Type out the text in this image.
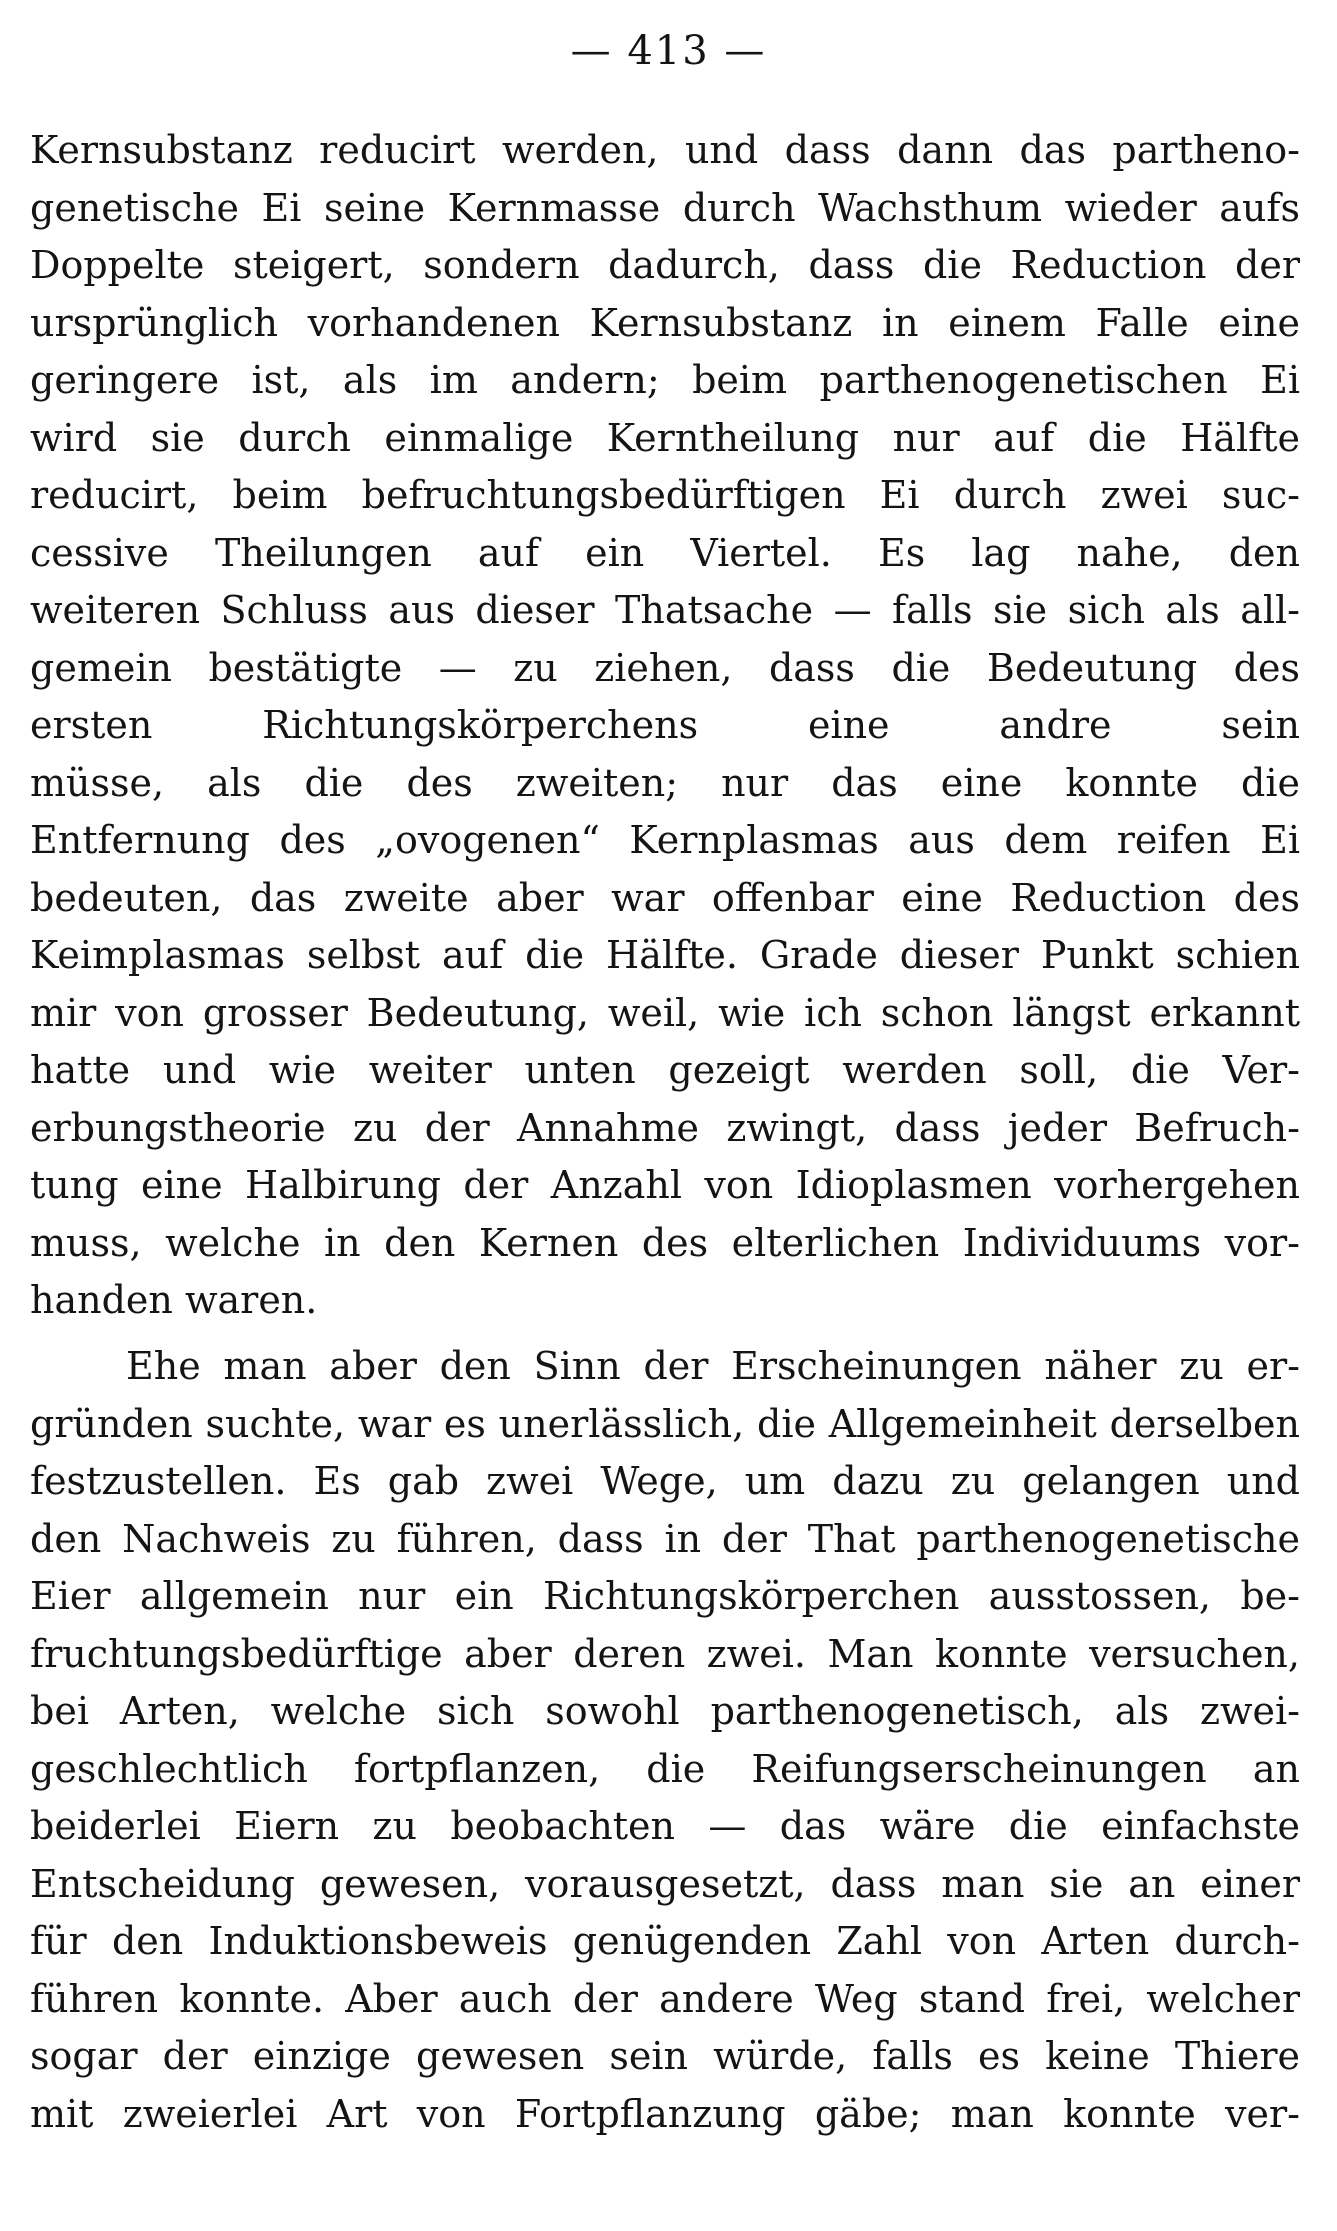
— 413 —
Kernsubstanz reducirt werden, und dass dann das partheno-
genetische Ei seine Kernmasse durch Wachsthum wieder aufs
Doppelte steigert, sondern dadurch, dass die Reduction der
ursprünglich vorhandenen Kernsubstanz in einem Falle eine
geringere ist, als im andern; beim parthenogenetischen Ei
wird sie durch einmalige Kerntheilung nur auf die Hälfte
reducirt, beim befruchtungsbedürftigen Ei durch zwei suc-
cessive Theilungen auf ein Viertel. Es lag nahe, den
weiteren Schluss aus dieser Thatsache — falls sie sich als all-
gemein bestätigte — zu ziehen, dass die Bedeutung des
ersten Richtungskörperchens eine andre sein
müsse, als die des zweiten; nur das eine konnte die
Entfernung des „ovogenen“ Kernplasmas aus dem reifen Ei
bedeuten, das zweite aber war offenbar eine Reduction des
Keimplasmas selbst auf die Hälfte. Grade dieser Punkt schien
mir von grosser Bedeutung, weil, wie ich schon längst erkannt
hatte und wie weiter unten gezeigt werden soll, die Ver-
erbungstheorie zu der Annahme zwingt, dass jeder Befruch-
tung eine Halbirung der Anzahl von Idioplasmen vorhergehen
muss, welche in den Kernen des elterlichen Individuums vor-
handen waren.
Ehe man aber den Sinn der Erscheinungen näher zu er-
gründen suchte, war es unerlässlich, die Allgemeinheit derselben
festzustellen. Es gab zwei Wege, um dazu zu gelangen und
den Nachweis zu führen, dass in der That parthenogenetische
Eier allgemein nur ein Richtungskörperchen ausstossen, be-
fruchtungsbedürftige aber deren zwei. Man konnte versuchen,
bei Arten, welche sich sowohl parthenogenetisch, als zwei-
geschlechtlich fortpflanzen, die Reifungserscheinungen an
beiderlei Eiern zu beobachten — das wäre die einfachste
Entscheidung gewesen, vorausgesetzt, dass man sie an einer
für den Induktionsbeweis genügenden Zahl von Arten durch-
führen konnte. Aber auch der andere Weg stand frei, welcher
sogar der einzige gewesen sein würde, falls es keine Thiere
mit zweierlei Art von Fortpflanzung gäbe; man konnte ver-
